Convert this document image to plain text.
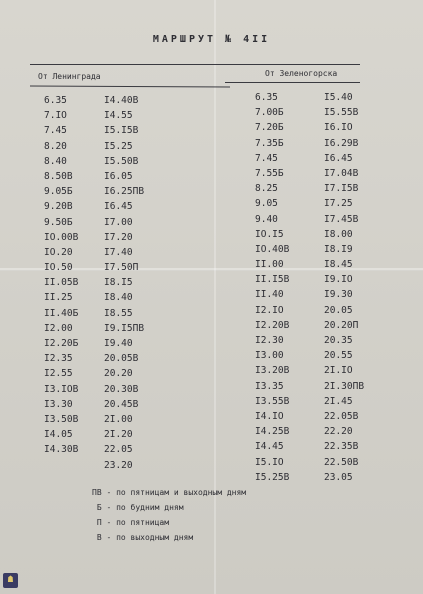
МАРШРУТ № 4II
От Ленинграда	От Зеленогорска
6.35
7.IO
7.45
8.20
8.40
8.50В
9.05Б
9.20В
9.50Б
IO.00В
IO.20
IO.50
II.05В
II.25
II.40Б
I2.00
I2.20Б
I2.35
I2.55
I3.IOВ
I3.30
I3.50В
I4.05
I4.30В
I4.40В
I4.55
I5.I5В
I5.25
I5.50В
I6.05
I6.25ПВ
I6.45
I7.00
I7.20
I7.40
I7.50П
I8.I5
I8.40
I8.55
I9.I5ПВ
I9.40
20.05В
20.20
20.30В
20.45В
2I.00
2I.20
22.05
23.20
6.35
7.00Б
7.20Б
7.35Б
7.45
7.55Б
8.25
9.05
9.40
IO.I5
IO.40В
II.00
II.I5В
II.40
I2.IO
I2.20В
I2.30
I3.00
I3.20В
I3.35
I3.55В
I4.IO
I4.25В
I4.45
I5.IO
I5.25В
I5.40
I5.55В
I6.IO
I6.29В
I6.45
I7.04В
I7.I5В
I7.25
I7.45В
I8.00
I8.I9
I8.45
I9.IO
I9.30
20.05
20.20П
20.35
20.55
2I.IO
2I.30ПВ
2I.45
22.05В
22.20
22.35В
22.50В
23.05
ПВ - по пятницам и выходным дням
Б - по будним дням
П - по пятницам
В - по выходным дням
☗
